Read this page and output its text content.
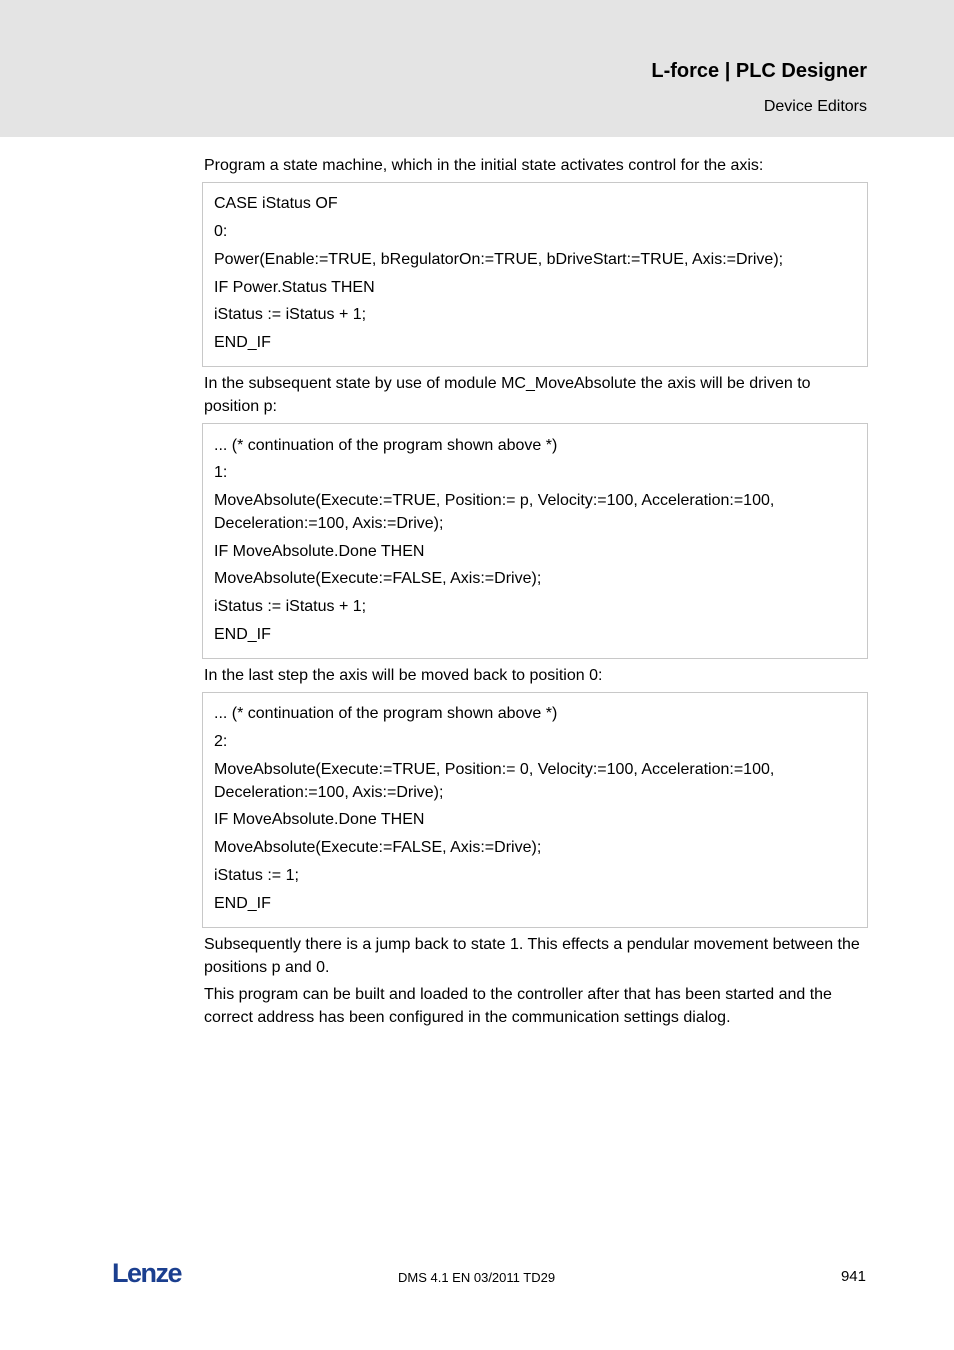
L-force | PLC Designer
Device Editors
Program a state machine, which in the initial state activates control for the axis:
CASE iStatus OF
0:
Power(Enable:=TRUE, bRegulatorOn:=TRUE, bDriveStart:=TRUE, Axis:=Drive);
IF Power.Status THEN
iStatus := iStatus + 1;
END_IF
In the subsequent state by use of module MC_MoveAbsolute the axis will be driven to position p:
... (* continuation of the program shown above *)
1:
MoveAbsolute(Execute:=TRUE, Position:= p, Velocity:=100, Acceleration:=100, Deceleration:=100, Axis:=Drive);
IF MoveAbsolute.Done THEN
MoveAbsolute(Execute:=FALSE, Axis:=Drive);
iStatus := iStatus + 1;
END_IF
In the last step the axis will be moved back to position 0:
... (* continuation of the program shown above *)
2:
MoveAbsolute(Execute:=TRUE, Position:= 0, Velocity:=100, Acceleration:=100, Deceleration:=100, Axis:=Drive);
IF MoveAbsolute.Done THEN
MoveAbsolute(Execute:=FALSE, Axis:=Drive);
iStatus := 1;
END_IF
Subsequently there is a jump back to state 1. This effects a pendular movement between the positions p and 0.
This program can be built and loaded to the controller after that has been started and the correct address has been configured in the communication settings dialog.
Lenze	DMS 4.1 EN 03/2011 TD29	941
